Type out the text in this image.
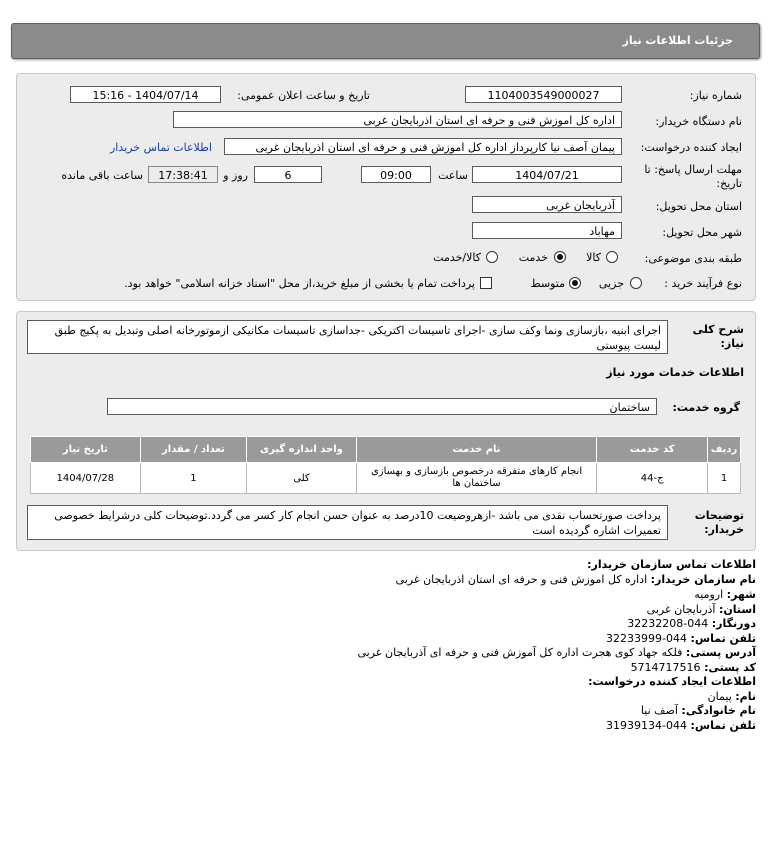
جزئیات اطلاعات نیاز
شماره نیاز:
1104003549000027
تاریخ و ساعت اعلان عمومی:
1404/07/14 - 15:16
نام دستگاه خریدار:
اداره کل اموزش فنی و حرفه ای استان اذربایجان غربی
ایجاد کننده درخواست:
پیمان آصف نیا کارپرداز اداره کل اموزش فنی و حرفه ای استان اذربایجان غربی
اطلاعات تماس خریدار
مهلت ارسال پاسخ: تا
تاریخ:
1404/07/21
ساعت
09:00
6
روز و
17:38:41
ساعت باقی مانده
استان محل تحویل:
آذربایجان غربی
شهر محل تحویل:
مهاباد
طبقه بندی موضوعی:
کالا
خدمت
کالا/خدمت
نوع فرآیند خرید :
جزیی
متوسط
پرداخت تمام یا بخشی از مبلغ خرید،از محل "اسناد خزانه اسلامی" خواهد بود.
شرح کلی
نیاز:
اجرای ابنیه ،بازسازی ونما وکف سازی -اجرای تاسیسات اکتریکی -جداسازی تاسیسات مکانیکی ازموتورخانه اصلی وتبدیل به پکیج طبق لیست پیوستی
اطلاعات خدمات مورد نیاز
گروه خدمت:
ساختمان
ردیف	کد خدمت	نام خدمت	واحد اندازه گیری	تعداد / مقدار	تاریخ نیاز
1	ج-44	انجام کارهای متفرقه درخصوص بازسازی و بهسازی ساختمان ها	کلی	1	1404/07/28
توضیحات
خریدار:
پرداخت صورتحساب نقدی می باشد -ازهروضیعت 10درصد به عنوان حسن انجام کار کسر می گردد.توضیحات کلی درشرایط خصوصی تعمیرات اشاره گردیده است
اطلاعات تماس سازمان خریدار:
نام سازمان خریدار: اداره کل اموزش فنی و حرفه ای استان اذربایجان غربی
شهر: ارومیه
استان: آذربایجان غربی
دورنگار: 044-32232208
تلفن تماس: 044-32233999
آدرس پستی: فلکه جهاد کوی هجرت اداره کل آموزش فنی و حرفه ای آذربایجان غربی
کد پستی: 5714717516
اطلاعات ایجاد کننده درخواست:
نام: پیمان
نام خانوادگی: آصف نیا
تلفن تماس: 044-31939134
